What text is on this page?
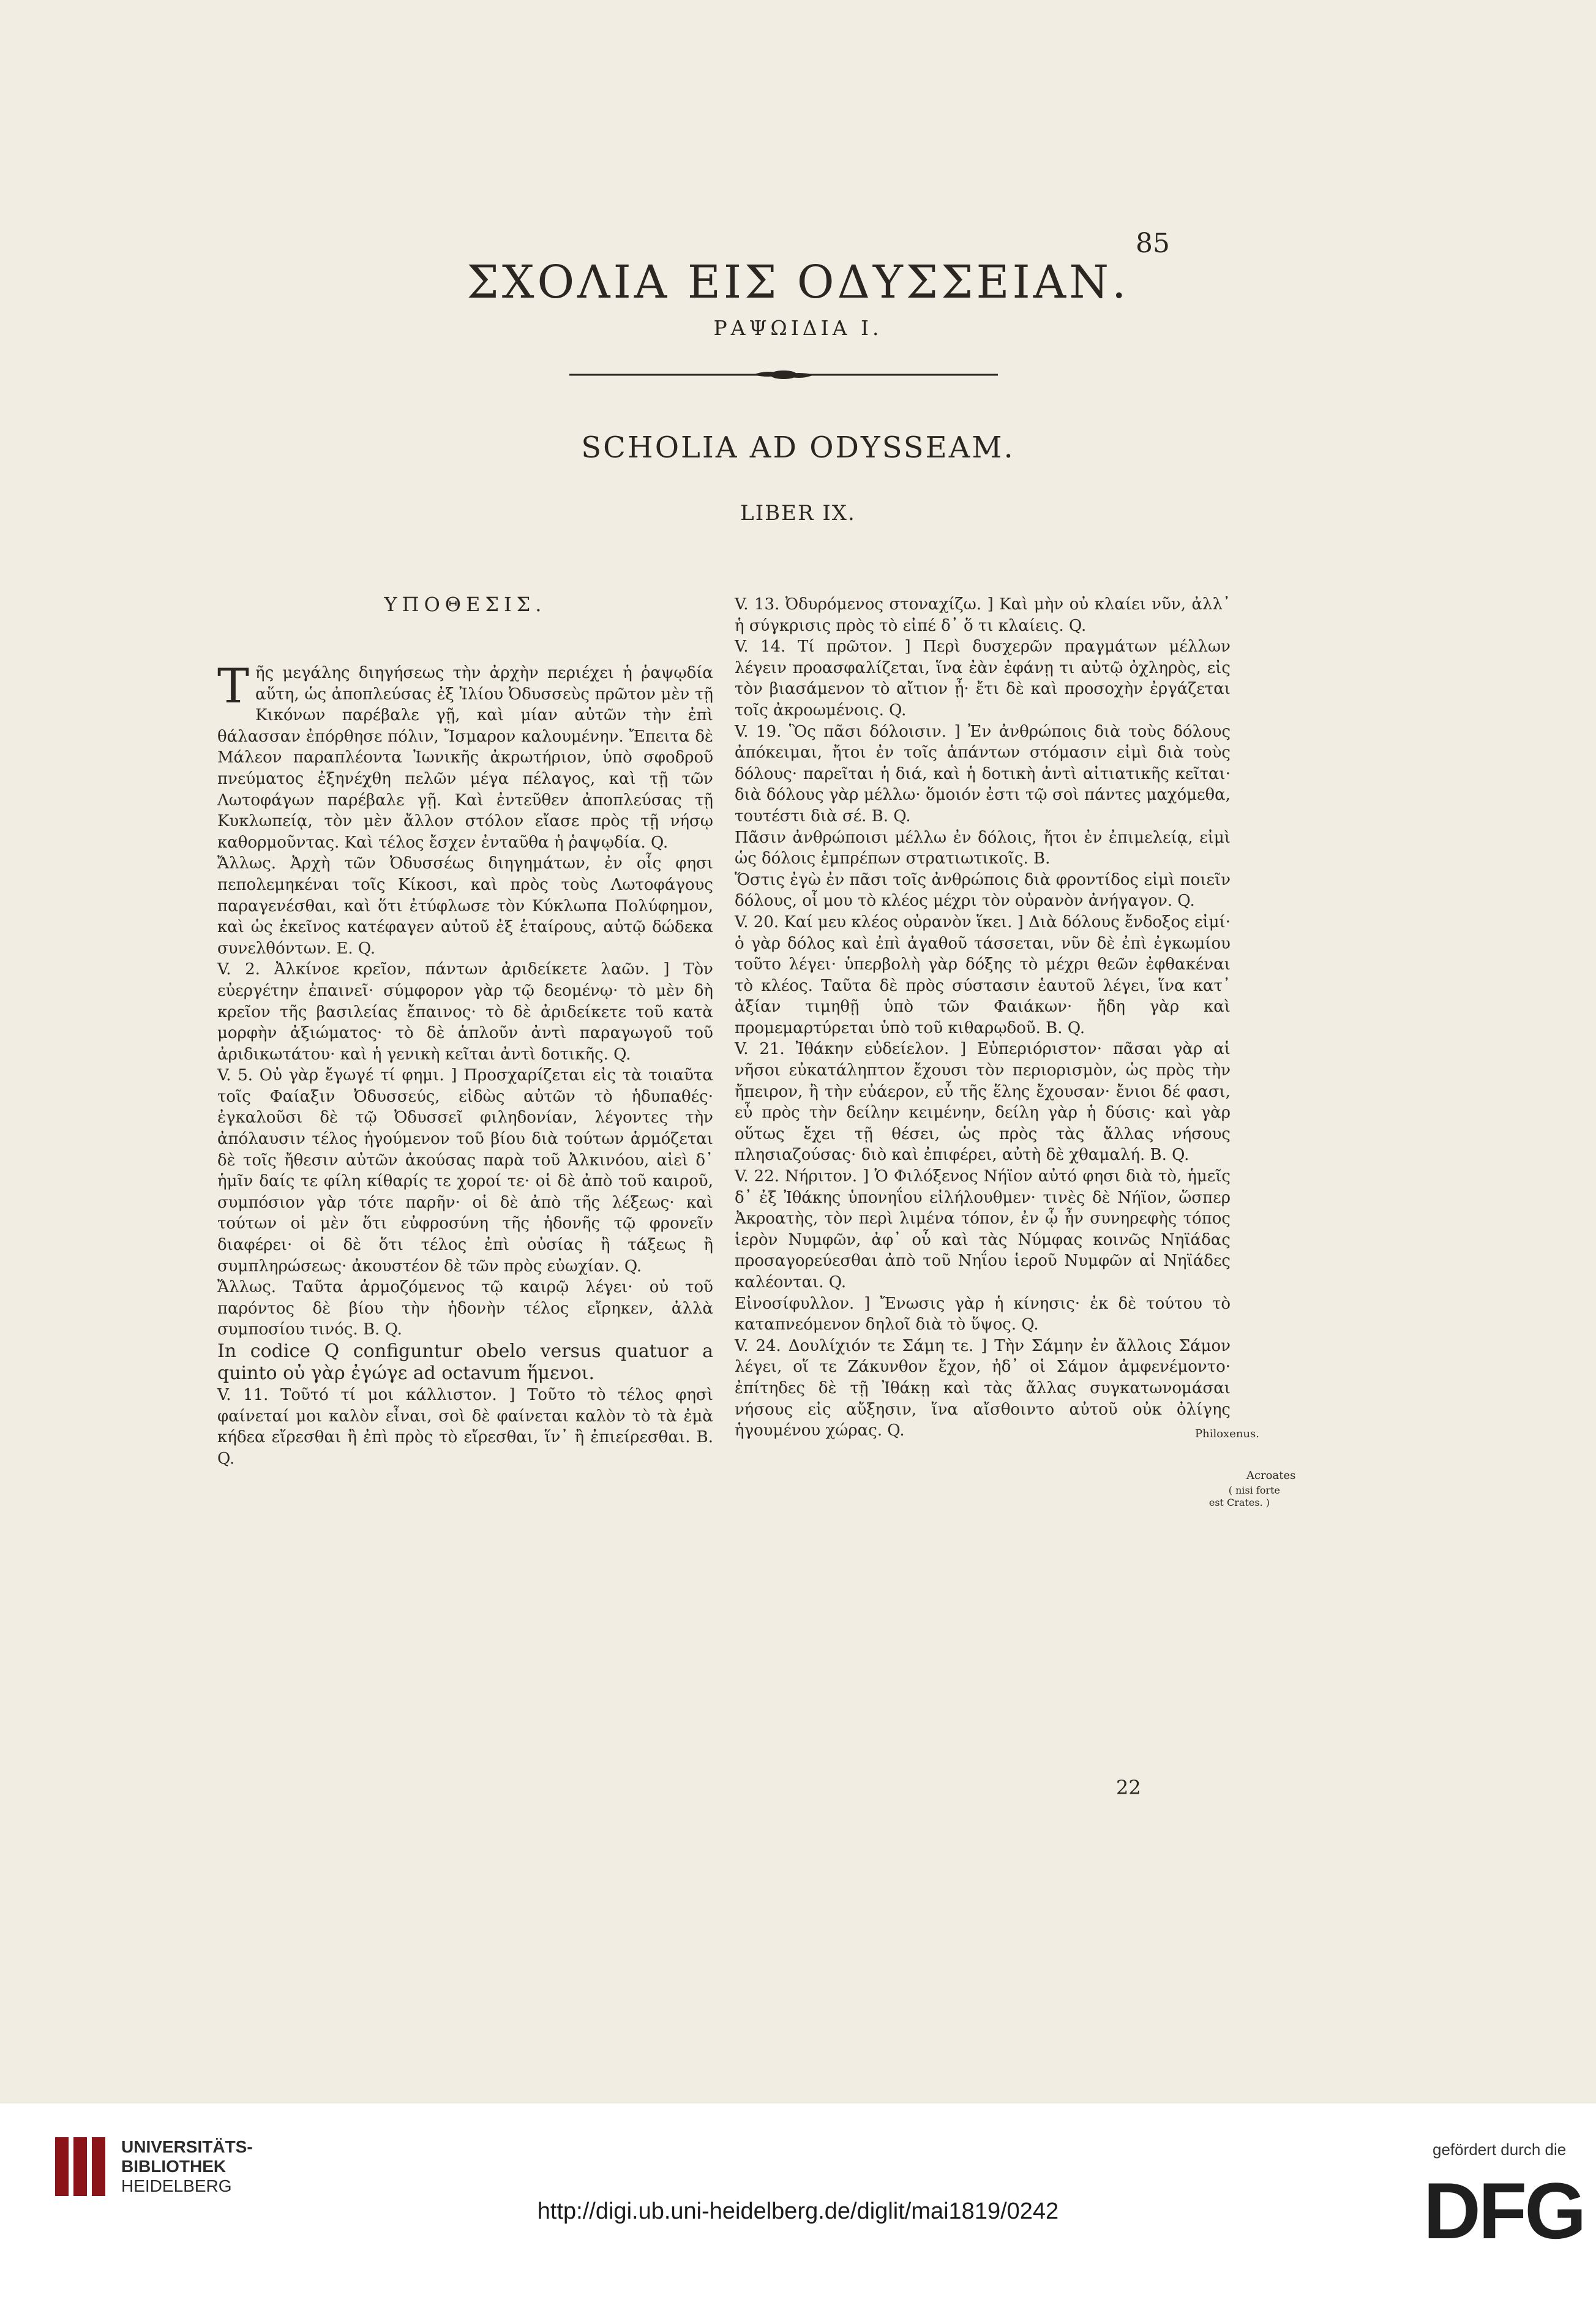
85
ΣΧΟΛΙΑ ΕΙΣ ΟΔΥΣΣΕΙΑΝ.
ΡΑΨΩΙΔΙΑ Ι.
SCHOLIA AD ODYSSEAM.
LIBER IX.

ΥΠΟΘΕΣΙΣ.

Τῆς μεγάλης διηγήσεως τὴν ἀρχὴν περιέχει ἡ ῥαψῳδία αὕτη, ὡς ἀποπλεύσας ἐξ Ἰλίου Ὀδυσσεὺς πρῶτον μὲν τῇ Κικόνων παρέβαλε γῇ, καὶ μίαν αὐτῶν τὴν ἐπὶ θάλασσαν ἐπόρθησε πόλιν, Ἴσμαρον καλουμένην. Ἔπειτα δὲ Μάλεον παραπλέοντα Ἰωνικῆς ἀκρωτήριον, ὑπὸ σφοδροῦ πνεύματος ἐξηνέχθη πελῶν μέγα πέλαγος, καὶ τῇ τῶν Λωτοφάγων παρέβαλε γῇ. Καὶ ἐντεῦθεν ἀποπλεύσας τῇ Κυκλωπείᾳ, τὸν μὲν ἄλλον στόλον εἴασε πρὸς τῇ νήσῳ καθορμοῦντας. Καὶ τέλος ἔσχεν ἐνταῦθα ἡ ῥαψῳδία. Q.

Ἄλλως. Ἀρχὴ τῶν Ὀδυσσέως διηγημάτων, ἐν οἷς φησι πεπολεμηκέναι τοῖς Κίκοσι, καὶ πρὸς τοὺς Λωτοφάγους παραγενέσθαι, καὶ ὅτι ἐτύφλωσε τὸν Κύκλωπα Πολύφημον, καὶ ὡς ἐκεῖνος κατέφαγεν αὐτοῦ ἐξ ἑταίρους, αὐτῷ δώδεκα συνελθόντων. E. Q.

V. 2. Ἀλκίνοε κρεῖον, πάντων ἀριδείκετε λαῶν. ] Τὸν εὐεργέτην ἐπαινεῖ· σύμφορον γὰρ τῷ δεομένῳ· τὸ μὲν δὴ κρεῖον τῆς βασιλείας ἔπαινος· τὸ δὲ ἀριδείκετε τοῦ κατὰ μορφὴν ἀξιώματος· τὸ δὲ ἁπλοῦν ἀντὶ παραγωγοῦ τοῦ ἀριδικωτάτου· καὶ ἡ γενικὴ κεῖται ἀντὶ δοτικῆς. Q.

V. 5. Οὐ γὰρ ἔγωγέ τί φημι. ] Προσχαρίζεται εἰς τὰ τοιαῦτα τοῖς Φαίαξιν Ὀδυσσεύς, εἰδὼς αὐτῶν τὸ ἡδυπαθές· ἐγκαλοῦσι δὲ τῷ Ὀδυσσεῖ φιληδονίαν, λέγοντες τὴν ἀπόλαυσιν τέλος ἡγούμενον τοῦ βίου διὰ τούτων ἁρμόζεται δὲ τοῖς ἤθεσιν αὐτῶν ἀκούσας παρὰ τοῦ Ἀλκινόου, αἰεὶ δ᾽ ἡμῖν δαίς τε φίλη κίθαρίς τε χοροί τε· οἱ δὲ ἀπὸ τοῦ καιροῦ, συμπόσιον γὰρ τότε παρῆν· οἱ δὲ ἀπὸ τῆς λέξεως· καὶ τούτων οἱ μὲν ὅτι εὐφροσύνη τῆς ἡδονῆς τῷ φρονεῖν διαφέρει· οἱ δὲ ὅτι τέλος ἐπὶ οὐσίας ἢ τάξεως ἢ συμπληρώσεως· ἀκουστέον δὲ τῶν πρὸς εὐωχίαν. Q.

Ἄλλως. Ταῦτα ἁρμοζόμενος τῷ καιρῷ λέγει· οὐ τοῦ παρόντος δὲ βίου τὴν ἡδονὴν τέλος εἴρηκεν, ἀλλὰ συμποσίου τινός. B. Q.

In codice Q configuntur obelo versus quatuor a quinto οὐ γὰρ ἐγώγε ad octavum ἥμενοι.

V. 11. Τοῦτό τί μοι κάλλιστον. ] Τοῦτο τὸ τέλος φησὶ φαίνεταί μοι καλὸν εἶναι, σοὶ δὲ φαίνεται καλὸν τὸ τὰ ἐμὰ κήδεα εἴρεσθαι ἢ ἐπὶ πρὸς τὸ εἴρεσθαι, ἵν᾽ ἢ ἐπιείρεσθαι. B. Q.

V. 13. Ὀδυρόμενος στοναχίζω. ] Καὶ μὴν οὐ κλαίει νῦν, ἀλλ᾽ ἡ σύγκρισις πρὸς τὸ εἰπέ δ᾽ ὅ τι κλαίεις. Q.

V. 14. Τί πρῶτον. ] Περὶ δυσχερῶν πραγμάτων μέλλων λέγειν προασφαλίζεται, ἵνα ἐὰν ἐφάνῃ τι αὐτῷ ὀχληρὸς, εἰς τὸν βιασάμενον τὸ αἴτιον ᾖ· ἔτι δὲ καὶ προσοχὴν ἐργάζεται τοῖς ἀκροωμένοις. Q.

V. 19. Ὃς πᾶσι δόλοισιν. ] Ἐν ἀνθρώποις διὰ τοὺς δόλους ἀπόκειμαι, ἤτοι ἐν τοῖς ἁπάντων στόμασιν εἰμὶ διὰ τοὺς δόλους· παρεῖται ἡ διά, καὶ ἡ δοτικὴ ἀντὶ αἰτιατικῆς κεῖται· διὰ δόλους γὰρ μέλλω· ὅμοιόν ἐστι τῷ σοὶ πάντες μαχόμεθα, τουτέστι διὰ σέ. B. Q.

Πᾶσιν ἀνθρώποισι μέλλω ἐν δόλοις, ἤτοι ἐν ἐπιμελείᾳ, εἰμὶ ὡς δόλοις ἐμπρέπων στρατιωτικοῖς. B.

Ὅστις ἐγὼ ἐν πᾶσι τοῖς ἀνθρώποις διὰ φροντίδος εἰμὶ ποιεῖν δόλους, οἷ μου τὸ κλέος μέχρι τὸν οὐρανὸν ἀνήγαγον. Q.

V. 20. Καί μευ κλέος οὐρανὸν ἵκει. ] Διὰ δόλους ἔνδοξος εἰμί· ὁ γὰρ δόλος καὶ ἐπὶ ἀγαθοῦ τάσσεται, νῦν δὲ ἐπὶ ἐγκωμίου τοῦτο λέγει· ὑπερβολὴ γὰρ δόξης τὸ μέχρι θεῶν ἐφθακέναι τὸ κλέος. Ταῦτα δὲ πρὸς σύστασιν ἑαυτοῦ λέγει, ἵνα κατ᾽ ἀξίαν τιμηθῇ ὑπὸ τῶν Φαιάκων· ἤδη γὰρ καὶ προμεμαρτύρεται ὑπὸ τοῦ κιθαρῳδοῦ. B. Q.

V. 21. Ἰθάκην εὐδείελον. ] Εὐπεριόριστον· πᾶσαι γὰρ αἱ νῆσοι εὐκατάληπτον ἔχουσι τὸν περιορισμὸν, ὡς πρὸς τὴν ἤπειρον, ἢ τὴν εὐάερον, εὖ τῆς ἕλης ἔχουσαν· ἔνιοι δέ φασι, εὖ πρὸς τὴν δείλην κειμένην, δείλη γὰρ ἡ δύσις· καὶ γὰρ οὕτως ἔχει τῇ θέσει, ὡς πρὸς τὰς ἄλλας νήσους πλησιαζούσας· διὸ καὶ ἐπιφέρει, αὐτὴ δὲ χθαμαλή. B. Q.

V. 22. Νήριτον. ] Ὁ Φιλόξενος Νήϊον αὐτό φησι διὰ τὸ, ἡμεῖς δ᾽ ἐξ Ἰθάκης ὑπονηΐου εἰλήλουθμεν· τινὲς δὲ Νήϊον, ὥσπερ Ἀκροατὴς, τὸν περὶ λιμένα τόπον, ἐν ᾧ ἦν συνηρεφὴς τόπος ἱερὸν Νυμφῶν, ἀφ᾽ οὗ καὶ τὰς Νύμφας κοινῶς Νηϊάδας προσαγορεύεσθαι ἀπὸ τοῦ Νηΐου ἱεροῦ Νυμφῶν αἱ Νηϊάδες καλέονται. Q.

Εἰνοσίφυλλον. ] Ἔνωσις γὰρ ἡ κίνησις· ἐκ δὲ τούτου τὸ καταπνεόμενον δηλοῖ διὰ τὸ ὕψος. Q.

V. 24. Δουλίχιόν τε Σάμη τε. ] Τὴν Σάμην ἐν ἄλλοις Σάμον λέγει, οἵ τε Ζάκυνθον ἔχον, ἠδ᾽ οἱ Σάμον ἀμφενέμοντο· ἐπίτηδες δὲ τῇ Ἰθάκῃ καὶ τὰς ἄλλας συγκατωνομάσαι νήσους εἰς αὔξησιν, ἵνα αἴσθοιντο αὐτοῦ οὐκ ὀλίγης ἡγουμένου χώρας. Q.	Philoxenus.
Acroates
( nisi forte
est Crates. )
22
UNIVERSITÄTS-
BIBLIOTHEK
HEIDELBERG
http://digi.ub.uni-heidelberg.de/diglit/mai1819/0242
gefördert durch die
DFG
